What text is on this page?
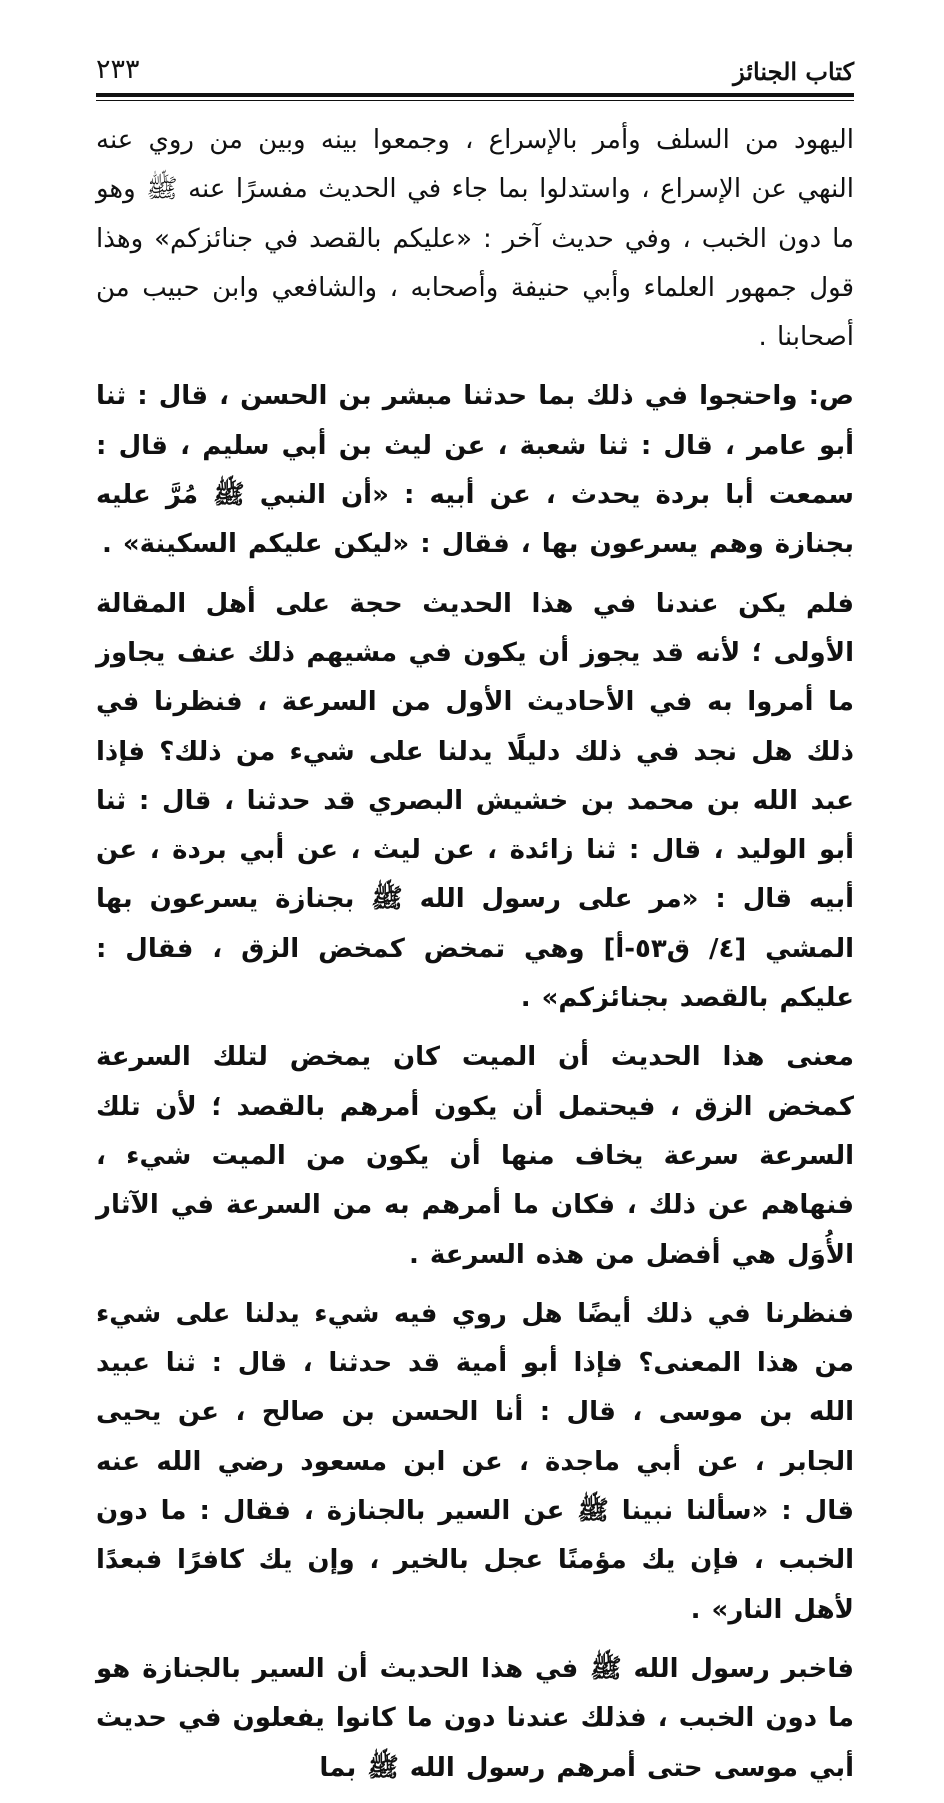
كتاب الجنائز
٢٣٣

اليهود من السلف وأمر بالإسراع ، وجمعوا بينه وبين من روي عنه النهي عن الإسراع ، واستدلوا بما جاء في الحديث مفسرًا عنه ﷺ وهو ما دون الخبب ، وفي حديث آخر : «عليكم بالقصد في جنائزكم» وهذا قول جمهور العلماء وأبي حنيفة وأصحابه ، والشافعي وابن حبيب من أصحابنا .

ص: واحتجوا في ذلك بما حدثنا مبشر بن الحسن ، قال : ثنا أبو عامر ، قال : ثنا شعبة ، عن ليث بن أبي سليم ، قال : سمعت أبا بردة يحدث ، عن أبيه : «أن النبي ﷺ مُرَّ عليه بجنازة وهم يسرعون بها ، فقال : «ليكن عليكم السكينة» .

فلم يكن عندنا في هذا الحديث حجة على أهل المقالة الأولى ؛ لأنه قد يجوز أن يكون في مشيهم ذلك عنف يجاوز ما أمروا به في الأحاديث الأول من السرعة ، فنظرنا في ذلك هل نجد في ذلك دليلًا يدلنا على شيء من ذلك؟ فإذا عبد الله بن محمد بن خشيش البصري قد حدثنا ، قال : ثنا أبو الوليد ، قال : ثنا زائدة ، عن ليث ، عن أبي بردة ، عن أبيه قال : «مر على رسول الله ﷺ بجنازة يسرعون بها المشي [٤/ ق٥٣-أ] وهي تمخض كمخض الزق ، فقال : عليكم بالقصد بجنائزكم» .

معنى هذا الحديث أن الميت كان يمخض لتلك السرعة كمخض الزق ، فيحتمل أن يكون أمرهم بالقصد ؛ لأن تلك السرعة سرعة يخاف منها أن يكون من الميت شيء ، فنهاهم عن ذلك ، فكان ما أمرهم به من السرعة في الآثار الأُوَل هي أفضل من هذه السرعة .

فنظرنا في ذلك أيضًا هل روي فيه شيء يدلنا على شيء من هذا المعنى؟ فإذا أبو أمية قد حدثنا ، قال : ثنا عبيد الله بن موسى ، قال : أنا الحسن بن صالح ، عن يحيى الجابر ، عن أبي ماجدة ، عن ابن مسعود رضي الله عنه قال : «سألنا نبينا ﷺ عن السير بالجنازة ، فقال : ما دون الخبب ، فإن يك مؤمنًا عجل بالخير ، وإن يك كافرًا فبعدًا لأهل النار» .

فاخبر رسول الله ﷺ في هذا الحديث أن السير بالجنازة هو ما دون الخبب ، فذلك عندنا دون ما كانوا يفعلون في حديث أبي موسى حتى أمرهم رسول الله ﷺ بما
